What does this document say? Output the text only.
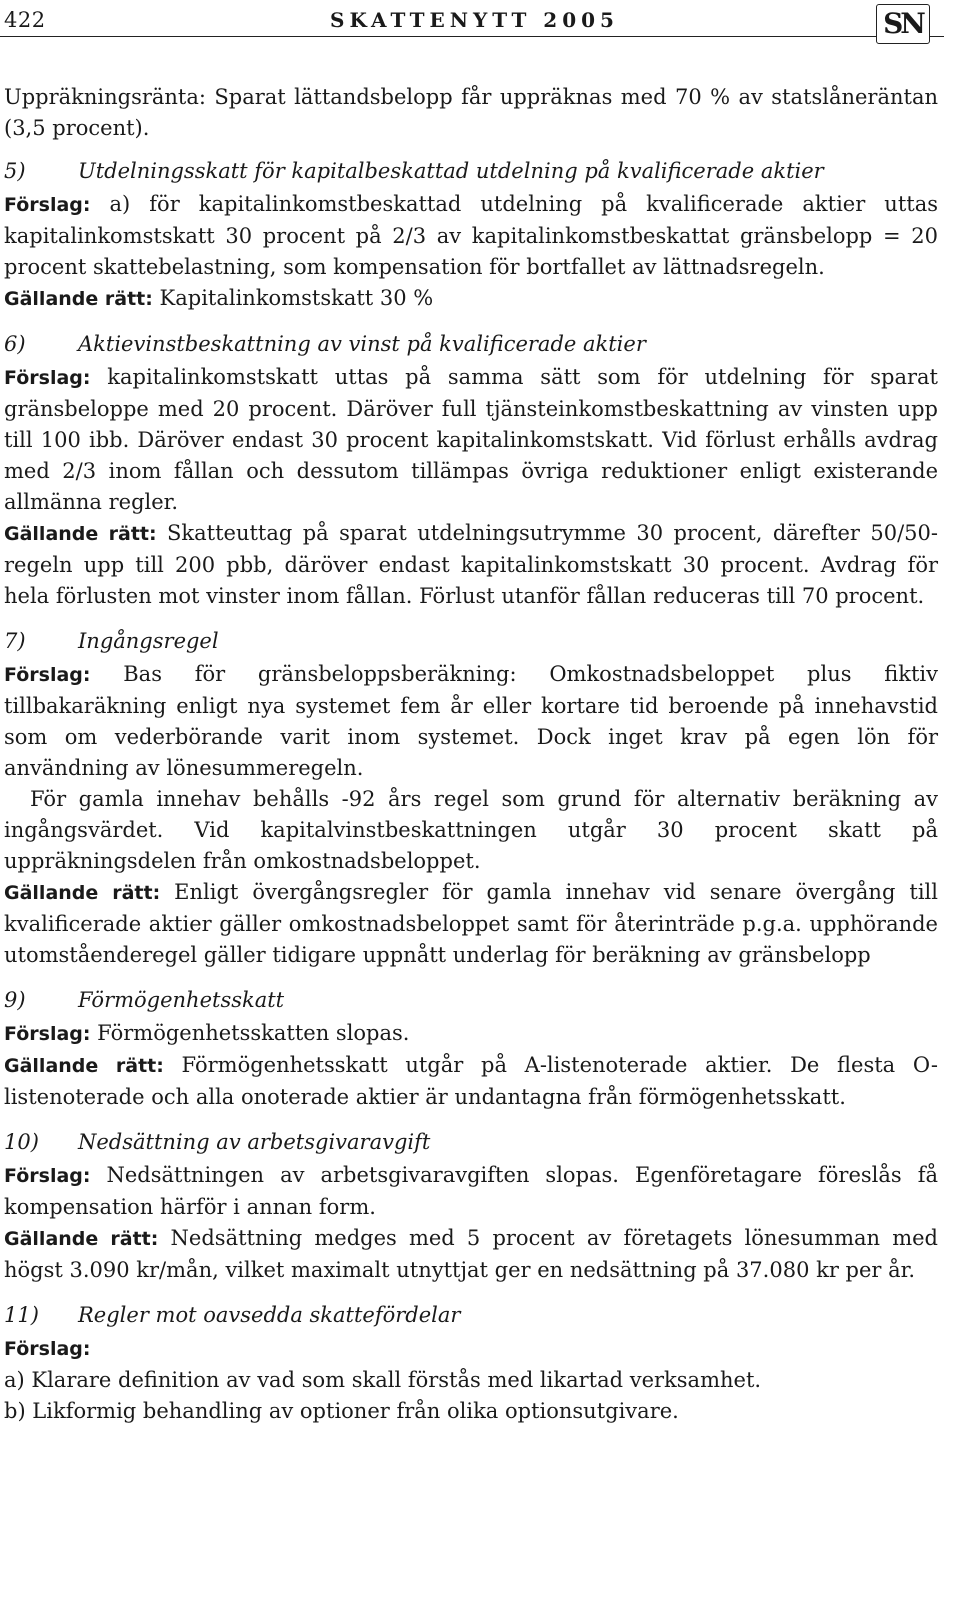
422	SKATTENYTT 2005	SN

Uppräkningsränta: Sparat lättandsbelopp får uppräknas med 70 % av statslåneräntan (3,5 procent).

5) Utdelningsskatt för kapitalbeskattad utdelning på kvalificerade aktier

Förslag: a) för kapitalinkomstbeskattad utdelning på kvalificerade aktier uttas kapitalinkomstskatt 30 procent på 2/3 av kapitalinkomstbeskattat gränsbelopp = 20 procent skattebelastning, som kompensation för bortfallet av lättnadsregeln.

Gällande rätt: Kapitalinkomstskatt 30 %

6) Aktievinstbeskattning av vinst på kvalificerade aktier

Förslag: kapitalinkomstskatt uttas på samma sätt som för utdelning för sparat gränsbeloppe med 20 procent. Däröver full tjänsteinkomstbeskattning av vinsten upp till 100 ibb. Däröver endast 30 procent kapitalinkomstskatt. Vid förlust erhålls avdrag med 2/3 inom fållan och dessutom tillämpas övriga reduktioner enligt existerande allmänna regler.

Gällande rätt: Skatteuttag på sparat utdelningsutrymme 30 procent, därefter 50/50-regeln upp till 200 pbb, däröver endast kapitalinkomstskatt 30 procent. Avdrag för hela förlusten mot vinster inom fållan. Förlust utanför fållan reduceras till 70 procent.

7) Ingångsregel

Förslag: Bas för gränsbeloppsberäkning: Omkostnadsbeloppet plus fiktiv tillbakaräkning enligt nya systemet fem år eller kortare tid beroende på innehavstid som om vederbörande varit inom systemet. Dock inget krav på egen lön för användning av lönesummeregeln.

För gamla innehav behålls -92 års regel som grund för alternativ beräkning av ingångsvärdet. Vid kapitalvinstbeskattningen utgår 30 procent skatt på uppräkningsdelen från omkostnadsbeloppet.

Gällande rätt: Enligt övergångsregler för gamla innehav vid senare övergång till kvalificerade aktier gäller omkostnadsbeloppet samt för återinträde p.g.a. upphörande utomståenderegel gäller tidigare uppnått underlag för beräkning av gränsbelopp

9) Förmögenhetsskatt

Förslag: Förmögenhetsskatten slopas.

Gällande rätt: Förmögenhetsskatt utgår på A-listenoterade aktier. De flesta O-listenoterade och alla onoterade aktier är undantagna från förmögenhetsskatt.

10) Nedsättning av arbetsgivaravgift

Förslag: Nedsättningen av arbetsgivaravgiften slopas. Egenföretagare föreslås få kompensation härför i annan form.

Gällande rätt: Nedsättning medges med 5 procent av företagets lönesumman med högst 3.090 kr/mån, vilket maximalt utnyttjat ger en nedsättning på 37.080 kr per år.

11) Regler mot oavsedda skattefördelar

Förslag:

a) Klarare definition av vad som skall förstås med likartad verksamhet.

b) Likformig behandling av optioner från olika optionsutgivare.
